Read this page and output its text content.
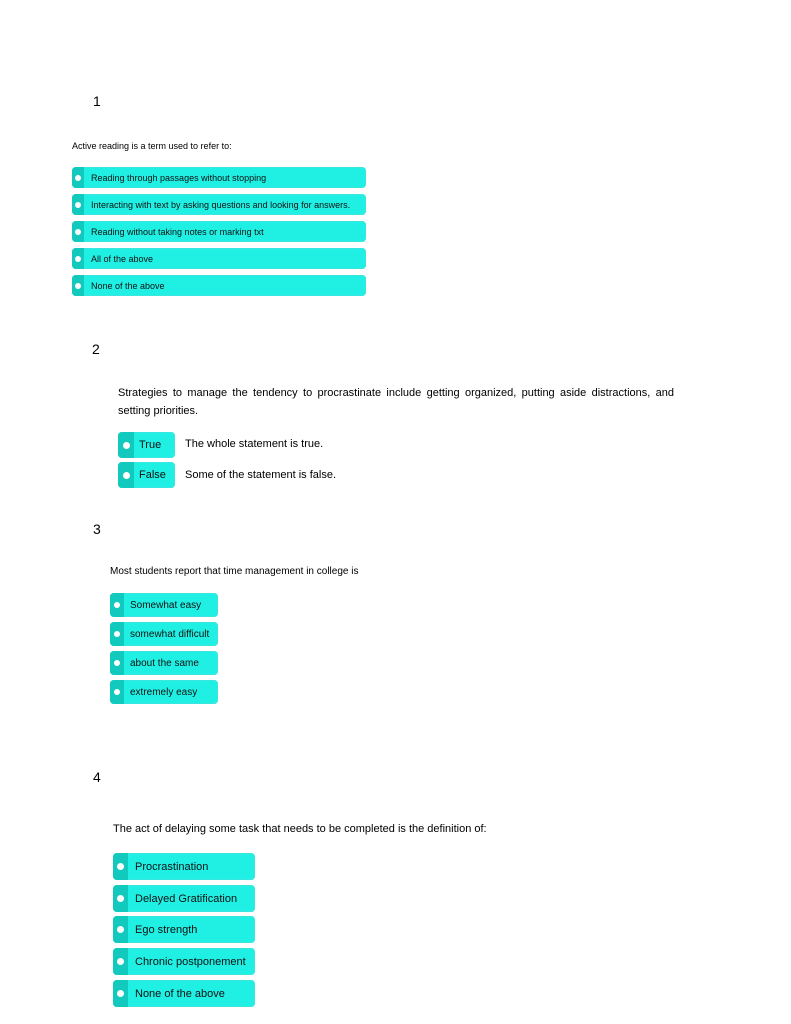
1
Active reading is a term used to refer to:
Reading through passages without stopping
Interacting with text by asking questions and looking for answers.
Reading without taking notes or marking txt
All of the above
None of the above
2
Strategies to manage the tendency to procrastinate include getting organized, putting aside distractions, and setting priorities.
True The whole statement is true.
False Some of the statement is false.
3
Most students report that time management in college is
Somewhat easy
somewhat difficult
about the same
extremely easy
4
The act of delaying some task that needs to be completed is the definition of:
Procrastination
Delayed Gratification
Ego strength
Chronic postponement
None of the above
